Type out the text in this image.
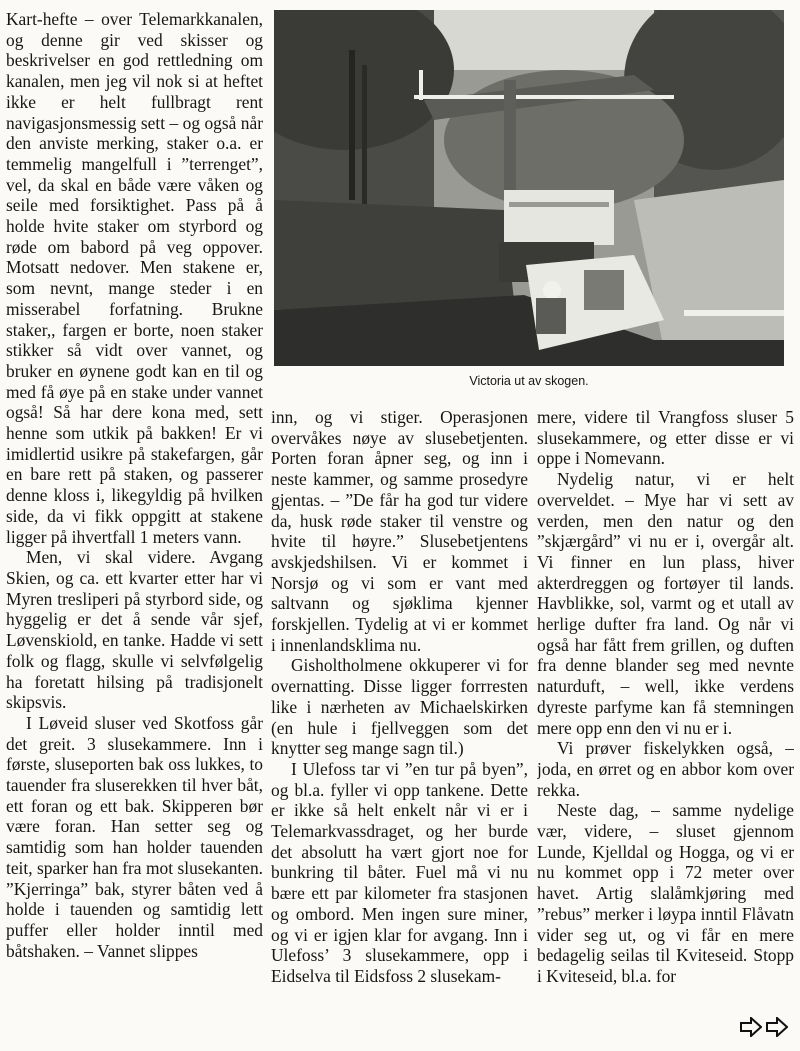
Kart-hefte – over Telemarkkanalen, og denne gir ved skisser og beskrivelser en god rettledning om kanalen, men jeg vil nok si at heftet ikke er helt fullbragt rent navigasjonsmessig sett – og også når den anviste merking, staker o.a. er temmelig mangelfull i ”terrenget”, vel, da skal en både være våken og seile med forsiktighet. Pass på å holde hvite staker om styrbord og røde om babord på veg oppover. Motsatt nedover. Men stakene er, som nevnt, mange steder i en misserabel forfatning. Brukne staker,, fargen er borte, noen staker stikker så vidt over vannet, og bruker en øynene godt kan en til og med få øye på en stake under vannet også! Så har dere kona med, sett henne som utkik på bakken! Er vi imidlertid usikre på stakefargen, går en bare rett på staken, og passerer denne kloss i, likegyldig på hvilken side, da vi fikk oppgitt at stakene ligger på ihvertfall 1 meters vann.

Men, vi skal videre. Avgang Skien, og ca. ett kvarter etter har vi Myren tresliperi på styrbord side, og hyggelig er det å sende vår sjef, Løvenskiold, en tanke. Hadde vi sett folk og flagg, skulle vi selvfølgelig ha foretatt hilsing på tradisjonelt skipsvis.

I Løveid sluser ved Skotfoss går det greit. 3 slusekammere. Inn i første, sluseporten bak oss lukkes, to tauender fra sluserekken til hver båt, ett foran og ett bak. Skipperen bør være foran. Han setter seg og samtidig som han holder tauenden teit, sparker han fra mot slusekanten. ”Kjerringa” bak, styrer båten ved å holde i tauenden og samtidig lett puffer eller holder inntil med båtshaken. – Vannet slippes

Victoria ut av skogen.

inn, og vi stiger. Operasjonen overvåkes nøye av slusebetjenten. Porten foran åpner seg, og inn i neste kammer, og samme prosedyre gjentas. – ”De får ha god tur videre da, husk røde staker til venstre og hvite til høyre.” Slusebetjentens avskjedshilsen. Vi er kommet i Norsjø og vi som er vant med saltvann og sjøklima kjenner forskjellen. Tydelig at vi er kommet i innenlandsklima nu.

Gisholtholmene okkuperer vi for overnatting. Disse ligger forrresten like i nærheten av Michaelskirken (en hule i fjellveggen som det knytter seg mange sagn til.)

I Ulefoss tar vi ”en tur på byen”, og bl.a. fyller vi opp tankene. Dette er ikke så helt enkelt når vi er i Telemarkvassdraget, og her burde det absolutt ha vært gjort noe for bunkring til båter. Fuel må vi nu bære ett par kilometer fra stasjonen og ombord. Men ingen sure miner, og vi er igjen klar for avgang. Inn i Ulefoss’ 3 slusekammere, opp i Eidselva til Eidsfoss 2 slusekam-

mere, videre til Vrangfoss sluser 5 slusekammere, og etter disse er vi oppe i Nomevann.

Nydelig natur, vi er helt overveldet. – Mye har vi sett av verden, men den natur og den ”skjærgård” vi nu er i, overgår alt. Vi finner en lun plass, hiver akterdreggen og fortøyer til lands. Havblikke, sol, varmt og et utall av herlige dufter fra land. Og når vi også har fått frem grillen, og duften fra denne blander seg med nevnte naturduft, – well, ikke verdens dyreste parfyme kan få stemningen mere opp enn den vi nu er i.

Vi prøver fiskelykken også, – joda, en ørret og en abbor kom over rekka.

Neste dag, – samme nydelige vær, videre, – sluset gjennom Lunde, Kjelldal og Hogga, og vi er nu kommet opp i 72 meter over havet. Artig slalåmkjøring med ”rebus” merker i løypa inntil Flåvatn vider seg ut, og vi får en mere bedagelig seilas til Kviteseid. Stopp i Kviteseid, bl.a. for
